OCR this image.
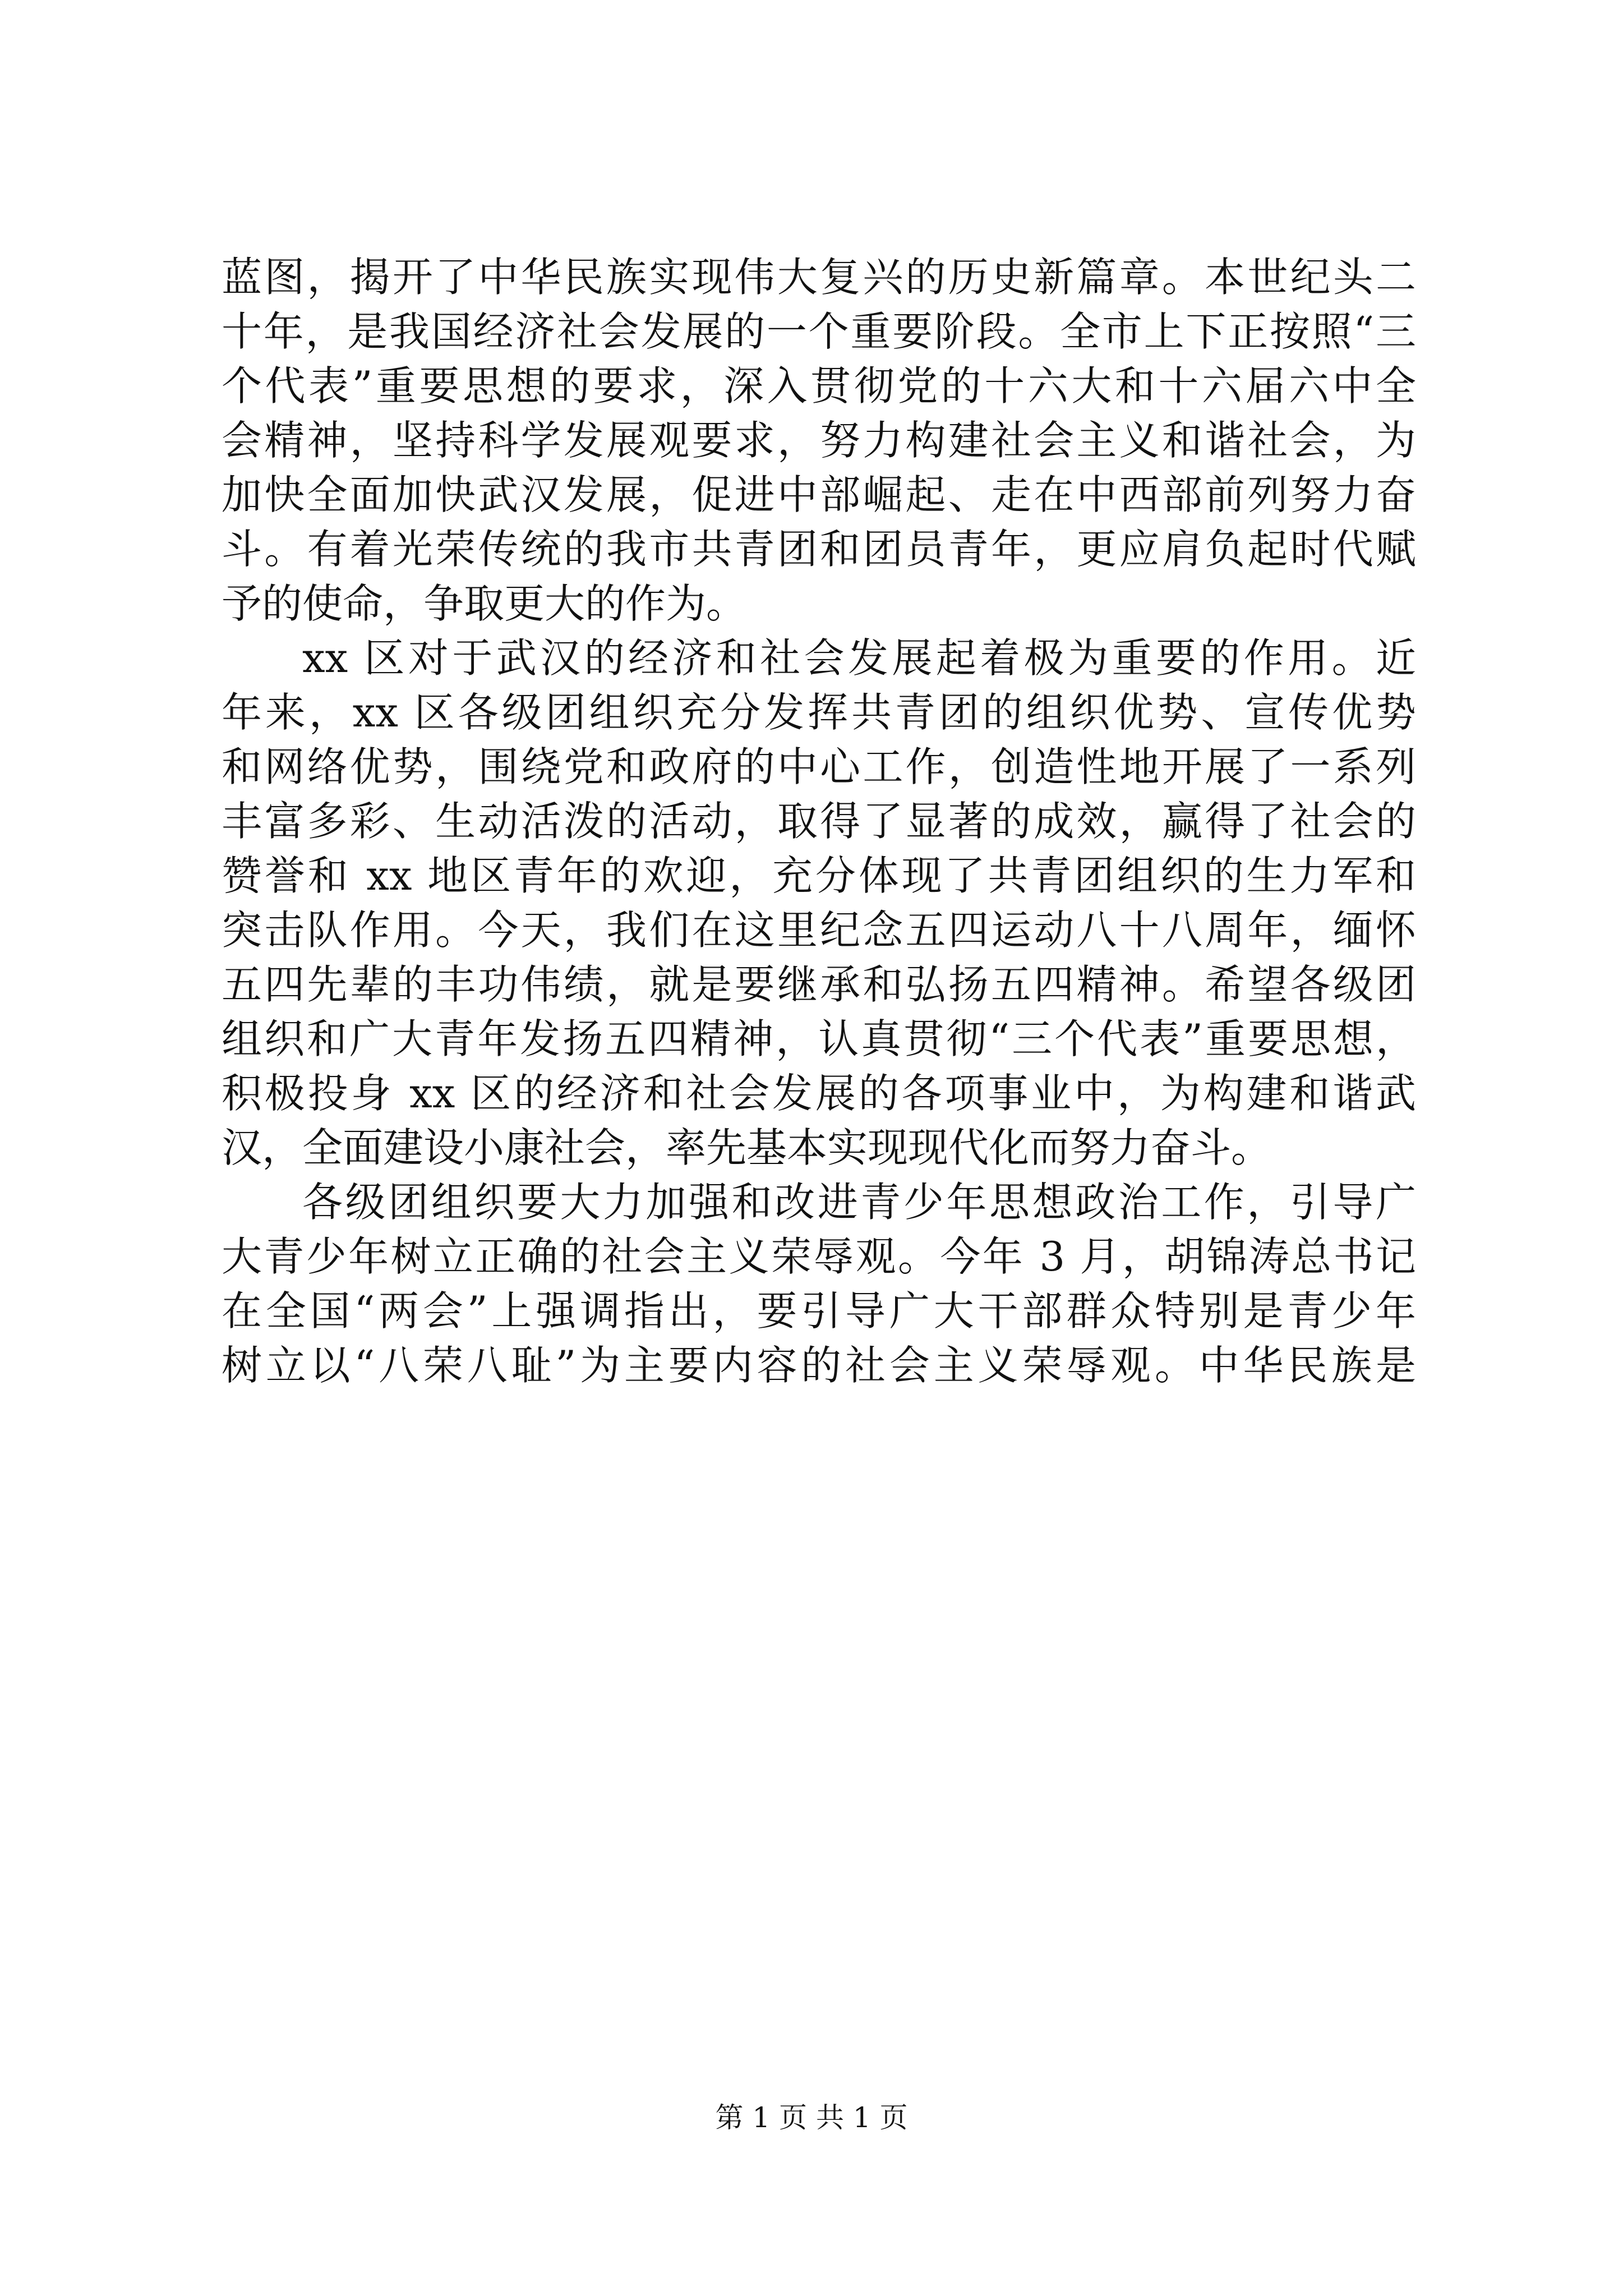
蓝图，揭开了中华民族实现伟大复兴的历史新篇章。本世纪头二

十年，是我国经济社会发展的一个重要阶段。全市上下正按照“三

个代表”重要思想的要求，深入贯彻党的十六大和十六届六中全

会精神，坚持科学发展观要求，努力构建社会主义和谐社会，为

加快全面加快武汉发展，促进中部崛起、走在中西部前列努力奋

斗。有着光荣传统的我市共青团和团员青年，更应肩负起时代赋

予的使命，争取更大的作为。

xx 区对于武汉的经济和社会发展起着极为重要的作用。近

年来，xx 区各级团组织充分发挥共青团的组织优势、宣传优势

和网络优势，围绕党和政府的中心工作，创造性地开展了一系列

丰富多彩、生动活泼的活动，取得了显著的成效，赢得了社会的

赞誉和 xx 地区青年的欢迎，充分体现了共青团组织的生力军和

突击队作用。今天，我们在这里纪念五四运动八十八周年，缅怀

五四先辈的丰功伟绩，就是要继承和弘扬五四精神。希望各级团

组织和广大青年发扬五四精神，认真贯彻“三个代表”重要思想，

积极投身 xx 区的经济和社会发展的各项事业中，为构建和谐武

汉，全面建设小康社会，率先基本实现现代化而努力奋斗。

各级团组织要大力加强和改进青少年思想政治工作，引导广

大青少年树立正确的社会主义荣辱观。今年 3 月，胡锦涛总书记

在全国“两会”上强调指出，要引导广大干部群众特别是青少年

树立以“八荣八耻”为主要内容的社会主义荣辱观。中华民族是

第 1 页 共 1 页
